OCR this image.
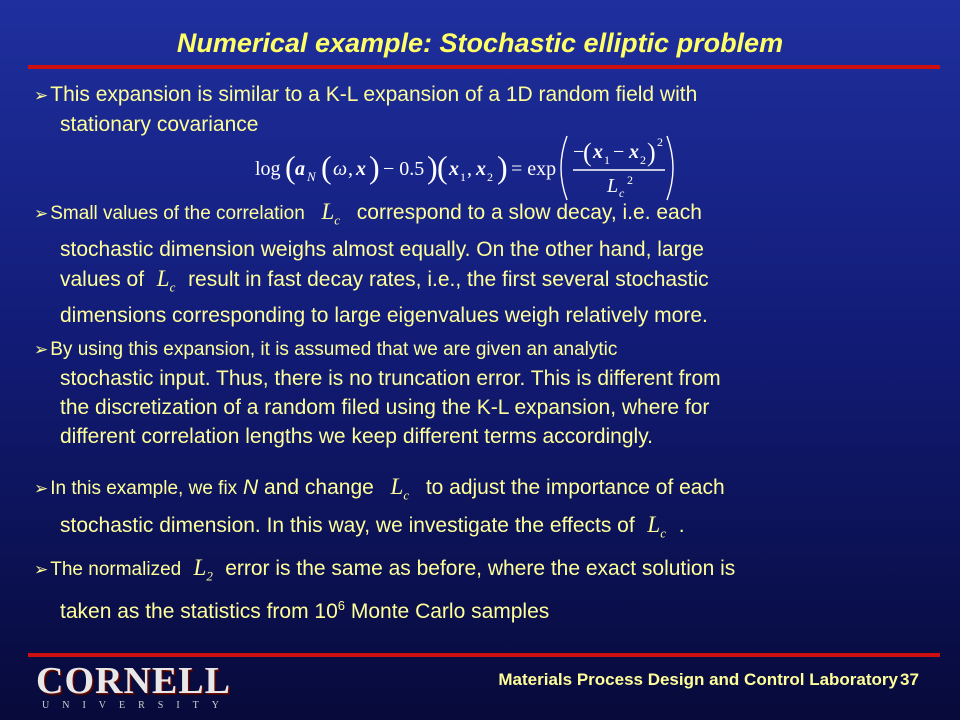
Numerical example: Stochastic elliptic problem
➢This expansion is similar to a K-L expansion of a 1D random field with
stationary covariance
log ( a N ( ω , x ) − 0.5 ) ( x 1 , x 2 ) = exp
−
( x 1 − x 2 ) 2
L c
2
➢ Small values of the correlation $L_c$ correspond to a slow decay, i.e. each
stochastic dimension weighs almost equally. On the other hand, large
values of $L_c$ result in fast decay rates, i.e., the first several stochastic
dimensions corresponding to large eigenvalues weigh relatively more.
➢ By using this expansion, it is assumed that we are given an analytic
stochastic input. Thus, there is no truncation error. This is different from
the discretization of a random filed using the K-L expansion, where for
different correlation lengths we keep different terms accordingly.
➢ In this example, we fix N and change $L_c$ to adjust the importance of each
stochastic dimension. In this way, we investigate the effects of $L_c$ .
➢ The normalized $L_2$ error is the same as before, where the exact solution is
taken as the statistics from $10^6$ Monte Carlo samples
CORNELL
UNIVERSITY
Materials Process Design and Control Laboratory 37
